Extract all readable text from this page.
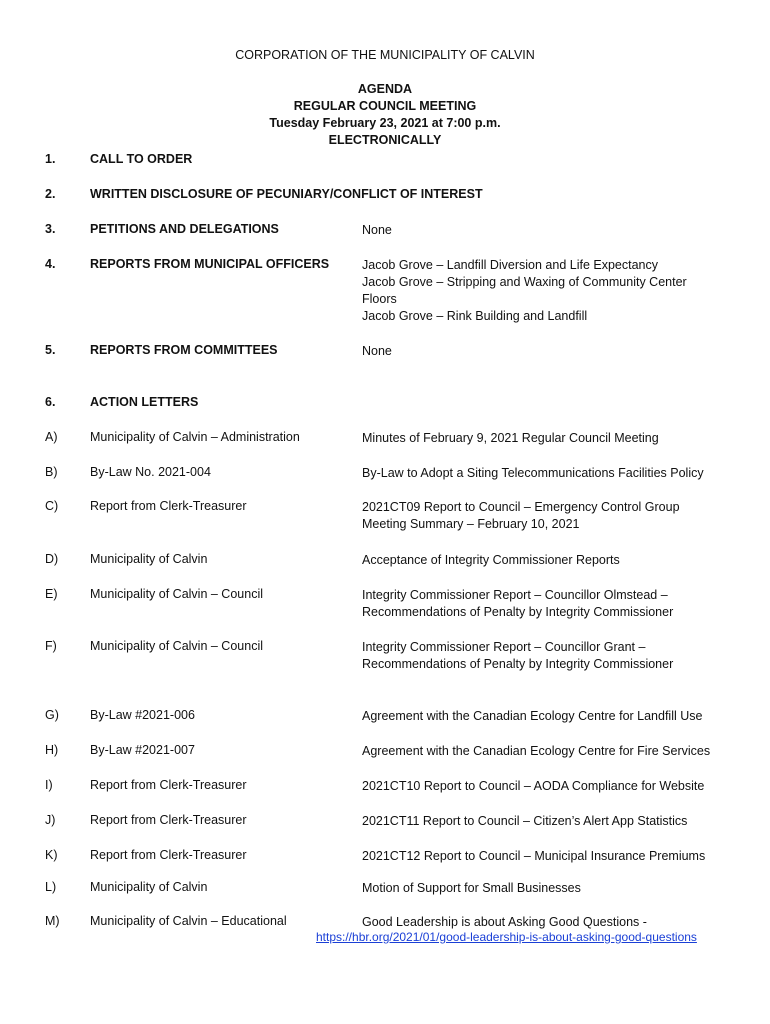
CORPORATION OF THE MUNICIPALITY OF CALVIN
AGENDA
REGULAR COUNCIL MEETING
Tuesday February 23, 2021 at 7:00 p.m.
ELECTRONICALLY
1.	CALL TO ORDER
2.	WRITTEN DISCLOSURE OF PECUNIARY/CONFLICT OF INTEREST
3.	PETITIONS AND DELEGATIONS	None
4.	REPORTS FROM MUNICIPAL OFFICERS	Jacob Grove – Landfill Diversion and Life Expectancy
Jacob Grove – Stripping and Waxing of Community Center
Floors
Jacob Grove – Rink Building and Landfill
5.	REPORTS FROM COMMITTEES	None
6.	ACTION LETTERS
A)	Municipality of Calvin – Administration	Minutes of February 9, 2021 Regular Council Meeting
B)	By-Law No. 2021-004	By-Law to Adopt a Siting Telecommunications Facilities Policy
C)	Report from Clerk-Treasurer	2021CT09 Report to Council – Emergency Control Group
Meeting Summary – February 10, 2021
D)	Municipality of Calvin	Acceptance of Integrity Commissioner Reports
E)	Municipality of Calvin – Council	Integrity Commissioner Report – Councillor Olmstead –
Recommendations of Penalty by Integrity Commissioner
F)	Municipality of Calvin – Council	Integrity Commissioner Report – Councillor Grant –
Recommendations of Penalty by Integrity Commissioner
G) By-Law #2021-006	Agreement with the Canadian Ecology Centre for Landfill Use
H)	By-Law #2021-007	Agreement with the Canadian Ecology Centre for Fire Services
I)	Report from Clerk-Treasurer	2021CT10 Report to Council – AODA Compliance for Website
J)	Report from Clerk-Treasurer	2021CT11 Report to Council – Citizen’s Alert App Statistics
K)	Report from Clerk-Treasurer	2021CT12 Report to Council – Municipal Insurance Premiums
L)	Municipality of Calvin	Motion of Support for Small Businesses
M) Municipality of Calvin – Educational	Good Leadership is about Asking Good Questions -
https://hbr.org/2021/01/good-leadership-is-about-asking-good-questions
